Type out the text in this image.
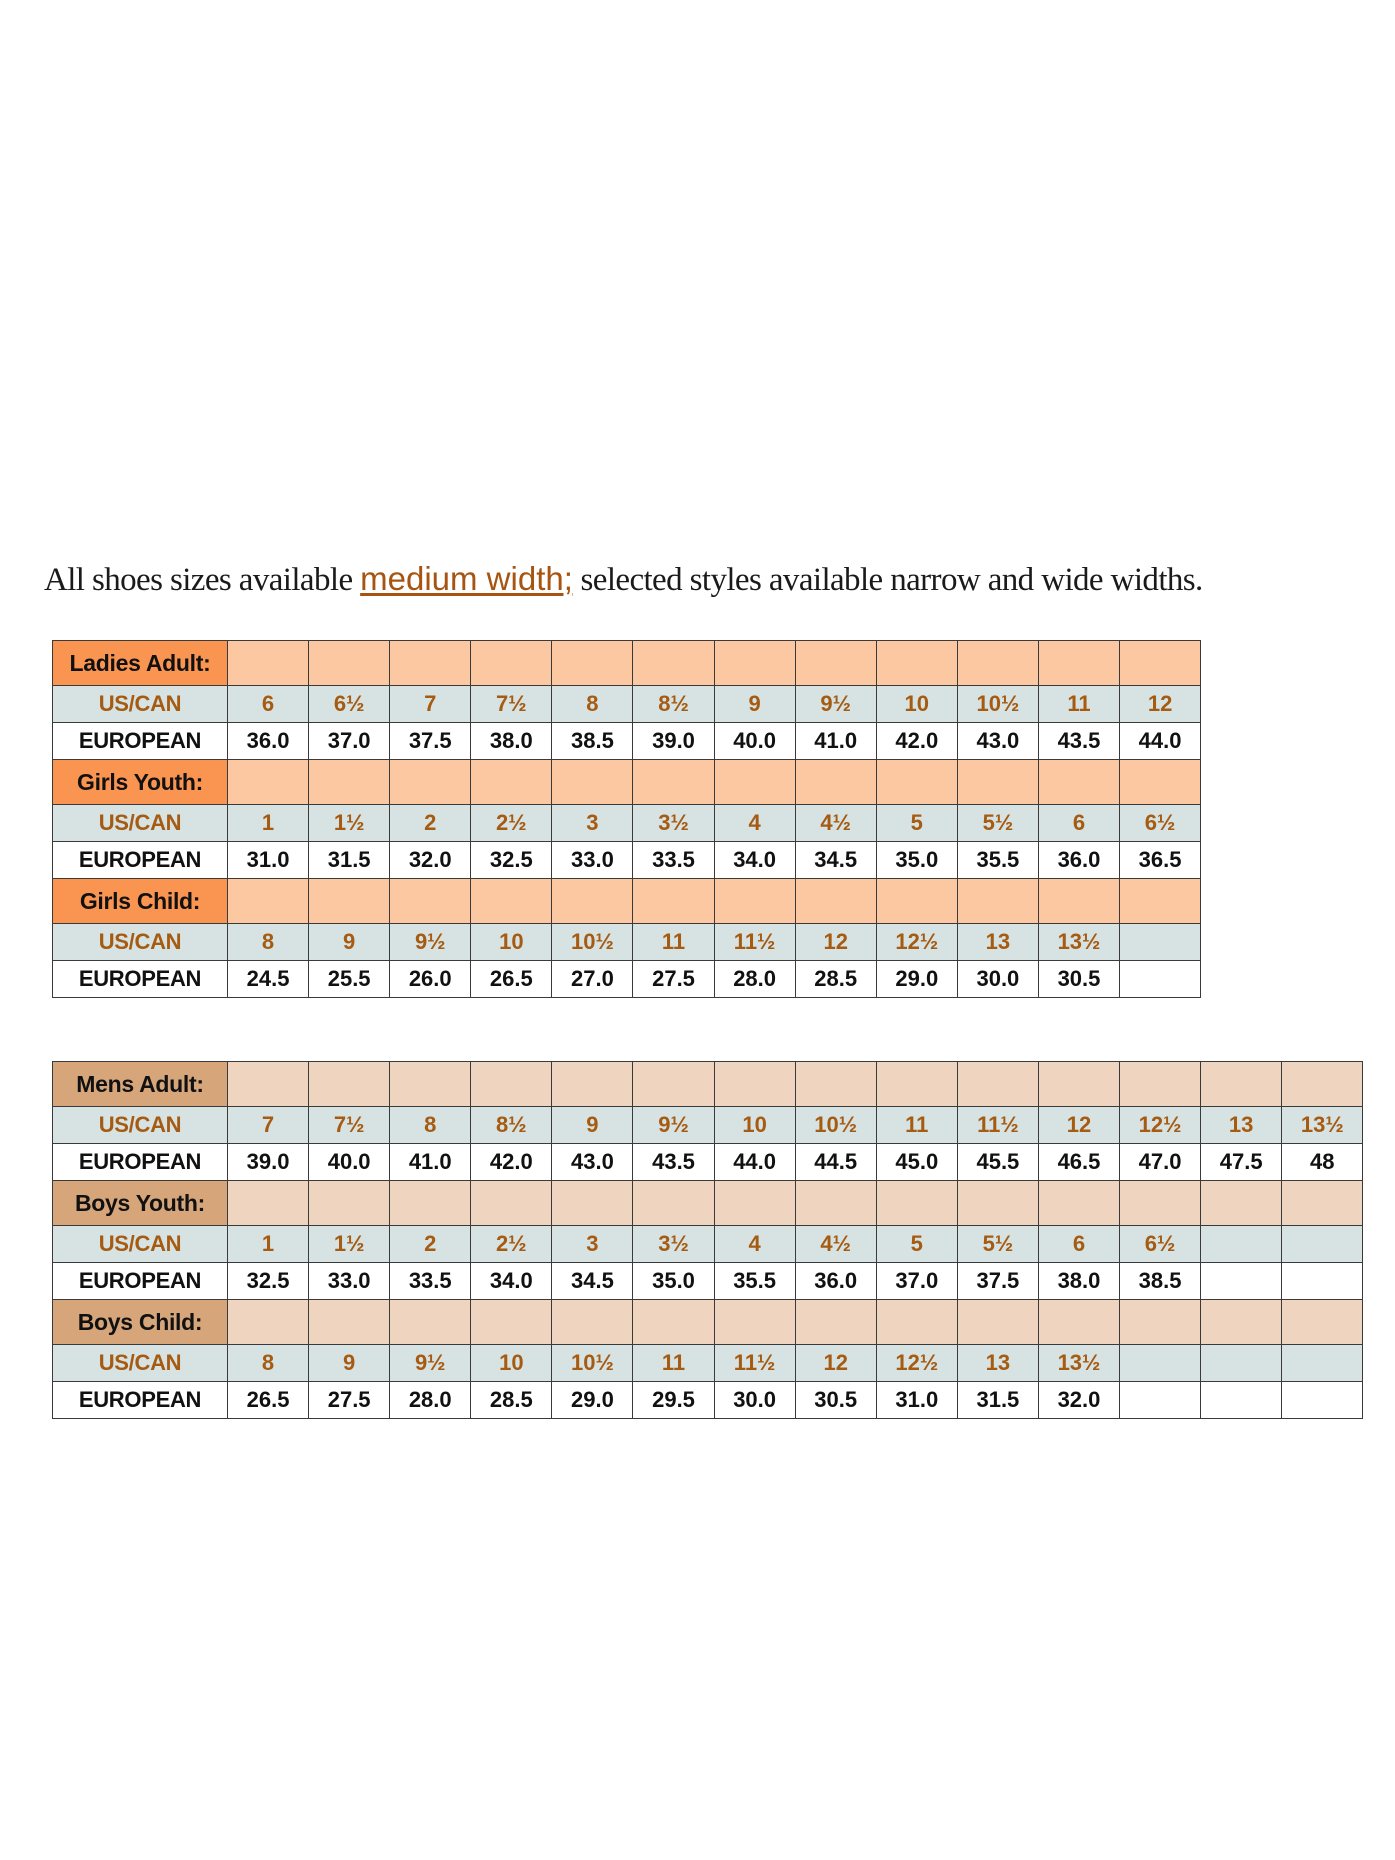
All shoes sizes available medium width; selected styles available narrow and wide widths.

Ladies Adult:												
US/CAN	6	6½	7	7½	8	8½	9	9½	10	10½	11	12
EUROPEAN	36.0	37.0	37.5	38.0	38.5	39.0	40.0	41.0	42.0	43.0	43.5	44.0
Girls Youth:												
US/CAN	1	1½	2	2½	3	3½	4	4½	5	5½	6	6½
EUROPEAN	31.0	31.5	32.0	32.5	33.0	33.5	34.0	34.5	35.0	35.5	36.0	36.5
Girls Child:												
US/CAN	8	9	9½	10	10½	11	11½	12	12½	13	13½	
EUROPEAN	24.5	25.5	26.0	26.5	27.0	27.5	28.0	28.5	29.0	30.0	30.5	
Mens Adult:														
US/CAN	7	7½	8	8½	9	9½	10	10½	11	11½	12	12½	13	13½
EUROPEAN	39.0	40.0	41.0	42.0	43.0	43.5	44.0	44.5	45.0	45.5	46.5	47.0	47.5	48
Boys Youth:														
US/CAN	1	1½	2	2½	3	3½	4	4½	5	5½	6	6½		
EUROPEAN	32.5	33.0	33.5	34.0	34.5	35.0	35.5	36.0	37.0	37.5	38.0	38.5		
Boys Child:														
US/CAN	8	9	9½	10	10½	11	11½	12	12½	13	13½			
EUROPEAN	26.5	27.5	28.0	28.5	29.0	29.5	30.0	30.5	31.0	31.5	32.0			
